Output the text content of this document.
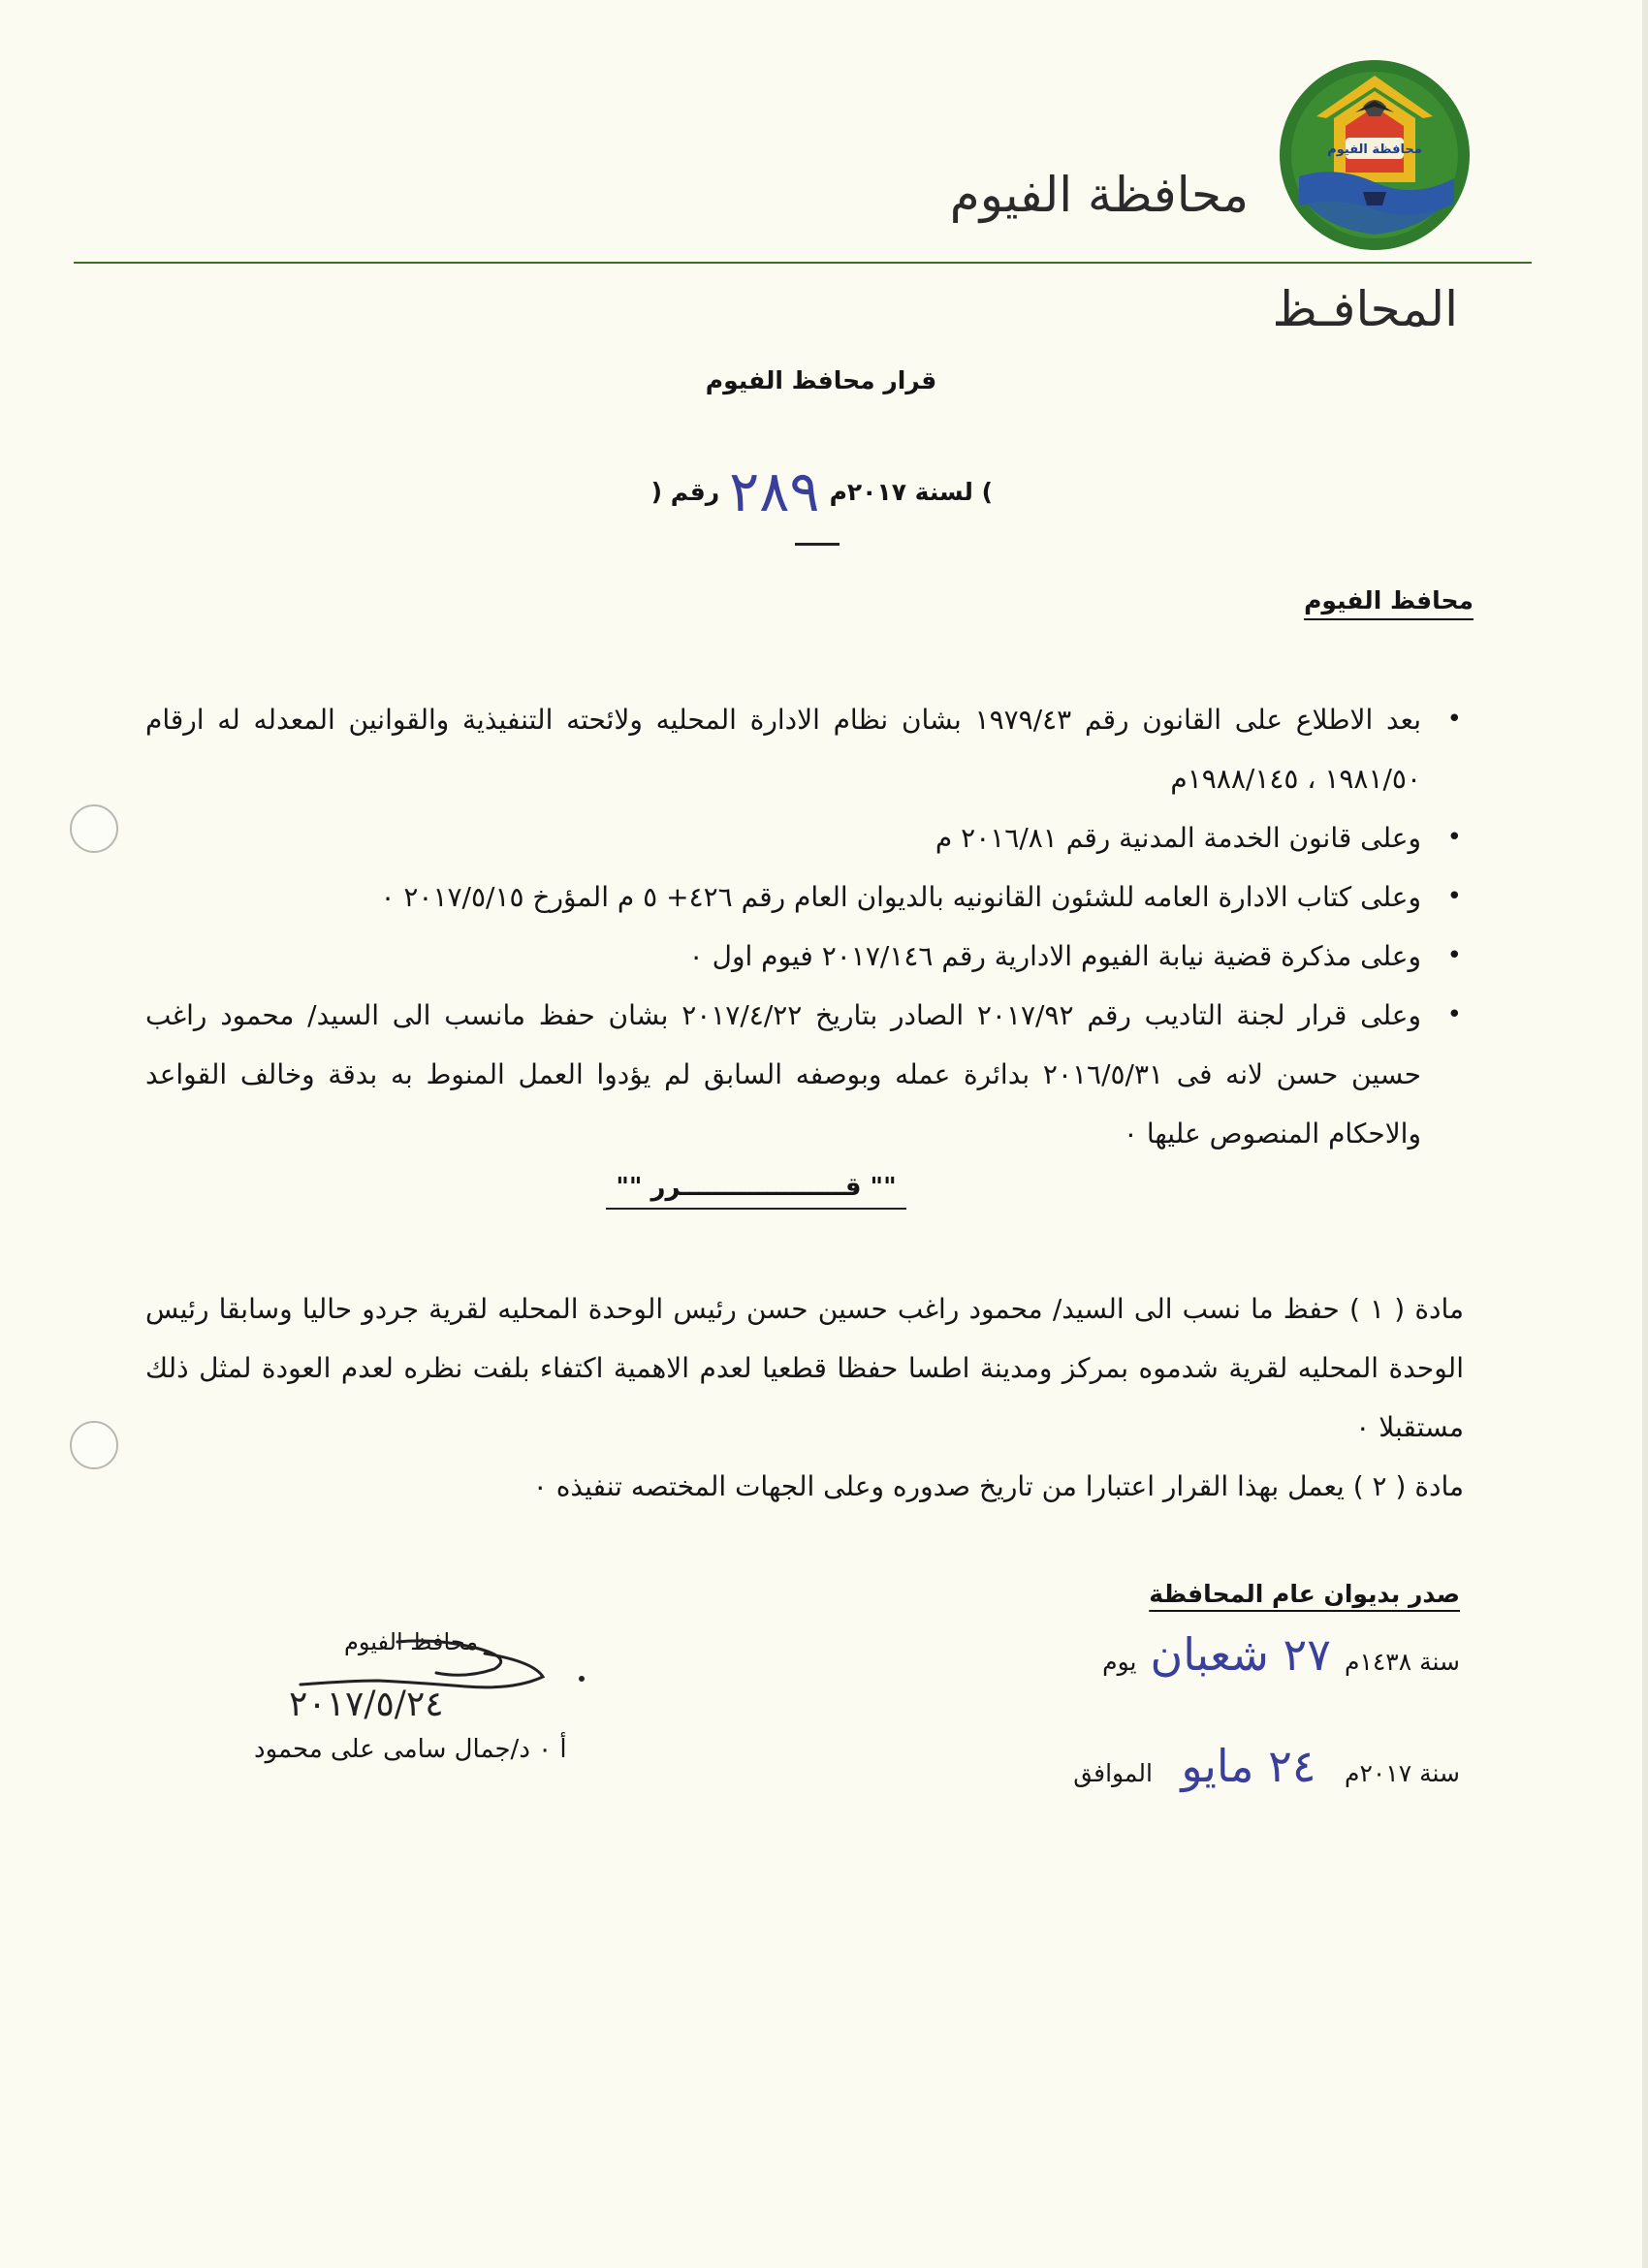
محافظة الفيوم
محافظة الفيوم
المحافـظ
قرار محافظ الفيوم
رقم ( ٢٨٩ ) لسنة ٢٠١٧م
محافظ الفيوم
• بعد الاطلاع على القانون رقم ١٩٧٩/٤٣ بشان نظام الادارة المحليه ولائحته التنفيذية والقوانين المعدله له ارقام ١٩٨١/٥٠ ، ١٩٨٨/١٤٥م
• وعلى قانون الخدمة المدنية رقم ٢٠١٦/٨١ م
• وعلى كتاب الادارة العامه للشئون القانونيه بالديوان العام رقم ٤٢٦+ ٥ م المؤرخ ٢٠١٧/٥/١٥ ٠
• وعلى مذكرة قضية نيابة الفيوم الادارية رقم ٢٠١٧/١٤٦ فيوم اول ٠
• وعلى قرار لجنة التاديب رقم ٢٠١٧/٩٢ الصادر بتاريخ ٢٠١٧/٤/٢٢ بشان حفظ مانسب الى السيد/ محمود راغب حسين حسن لانه فى ٢٠١٦/٥/٣١ بدائرة عمله وبوصفه السابق لم يؤدوا العمل المنوط به بدقة وخالف القواعد والاحكام المنصوص عليها ٠
"" قـــــــــــــــــــرر ""
مادة ( ١ ) حفظ ما نسب الى السيد/ محمود راغب حسين حسن رئيس الوحدة المحليه لقرية جردو حاليا وسابقا رئيس الوحدة المحليه لقرية شدموه بمركز ومدينة اطسا حفظا قطعيا لعدم الاهمية اكتفاء بلفت نظره لعدم العودة لمثل ذلك مستقبلا ٠
مادة ( ٢ ) يعمل بهذا القرار اعتبارا من تاريخ صدوره وعلى الجهات المختصه تنفيذه ٠
صدر بديوان عام المحافظة
يوم ٢٧ شعبان سنة ١٤٣٨م
الموافق ٢٤ مايو	سنة ٢٠١٧م
محافظ الفيوم
٢٠١٧/٥/٢٤
أ ٠ د/جمال سامى على محمود
